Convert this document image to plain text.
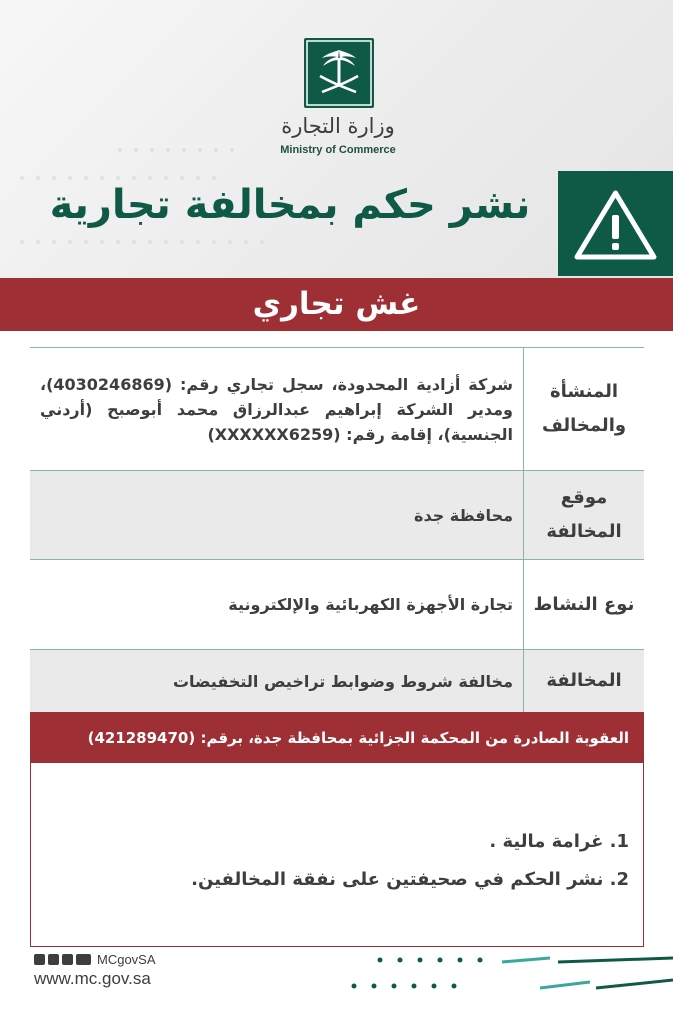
وزارة التجارة
Ministry of Commerce
نشر حكم بمخالفة تجارية
غش تجاري
المنشأة والمخالف
شركة أزادية المحدودة، سجل تجاري رقم: (4030246869)، ومدير الشركة إبراهيم عبدالرزاق محمد أبوصبح (أردني الجنسية)، إقامة رقم: (XXXXXX6259)
موقع المخالفة
محافظة جدة
نوع النشاط
تجارة الأجهزة الكهربائية والإلكترونية
المخالفة
مخالفة شروط وضوابط تراخيص التخفيضات
العقوبة الصادرة من المحكمة الجزائية بمحافظة جدة، برقم: (421289470)
1. غرامة مالية .
2. نشر الحكم في صحيفتين على نفقة المخالفين.
MCgovSA
www.mc.gov.sa
